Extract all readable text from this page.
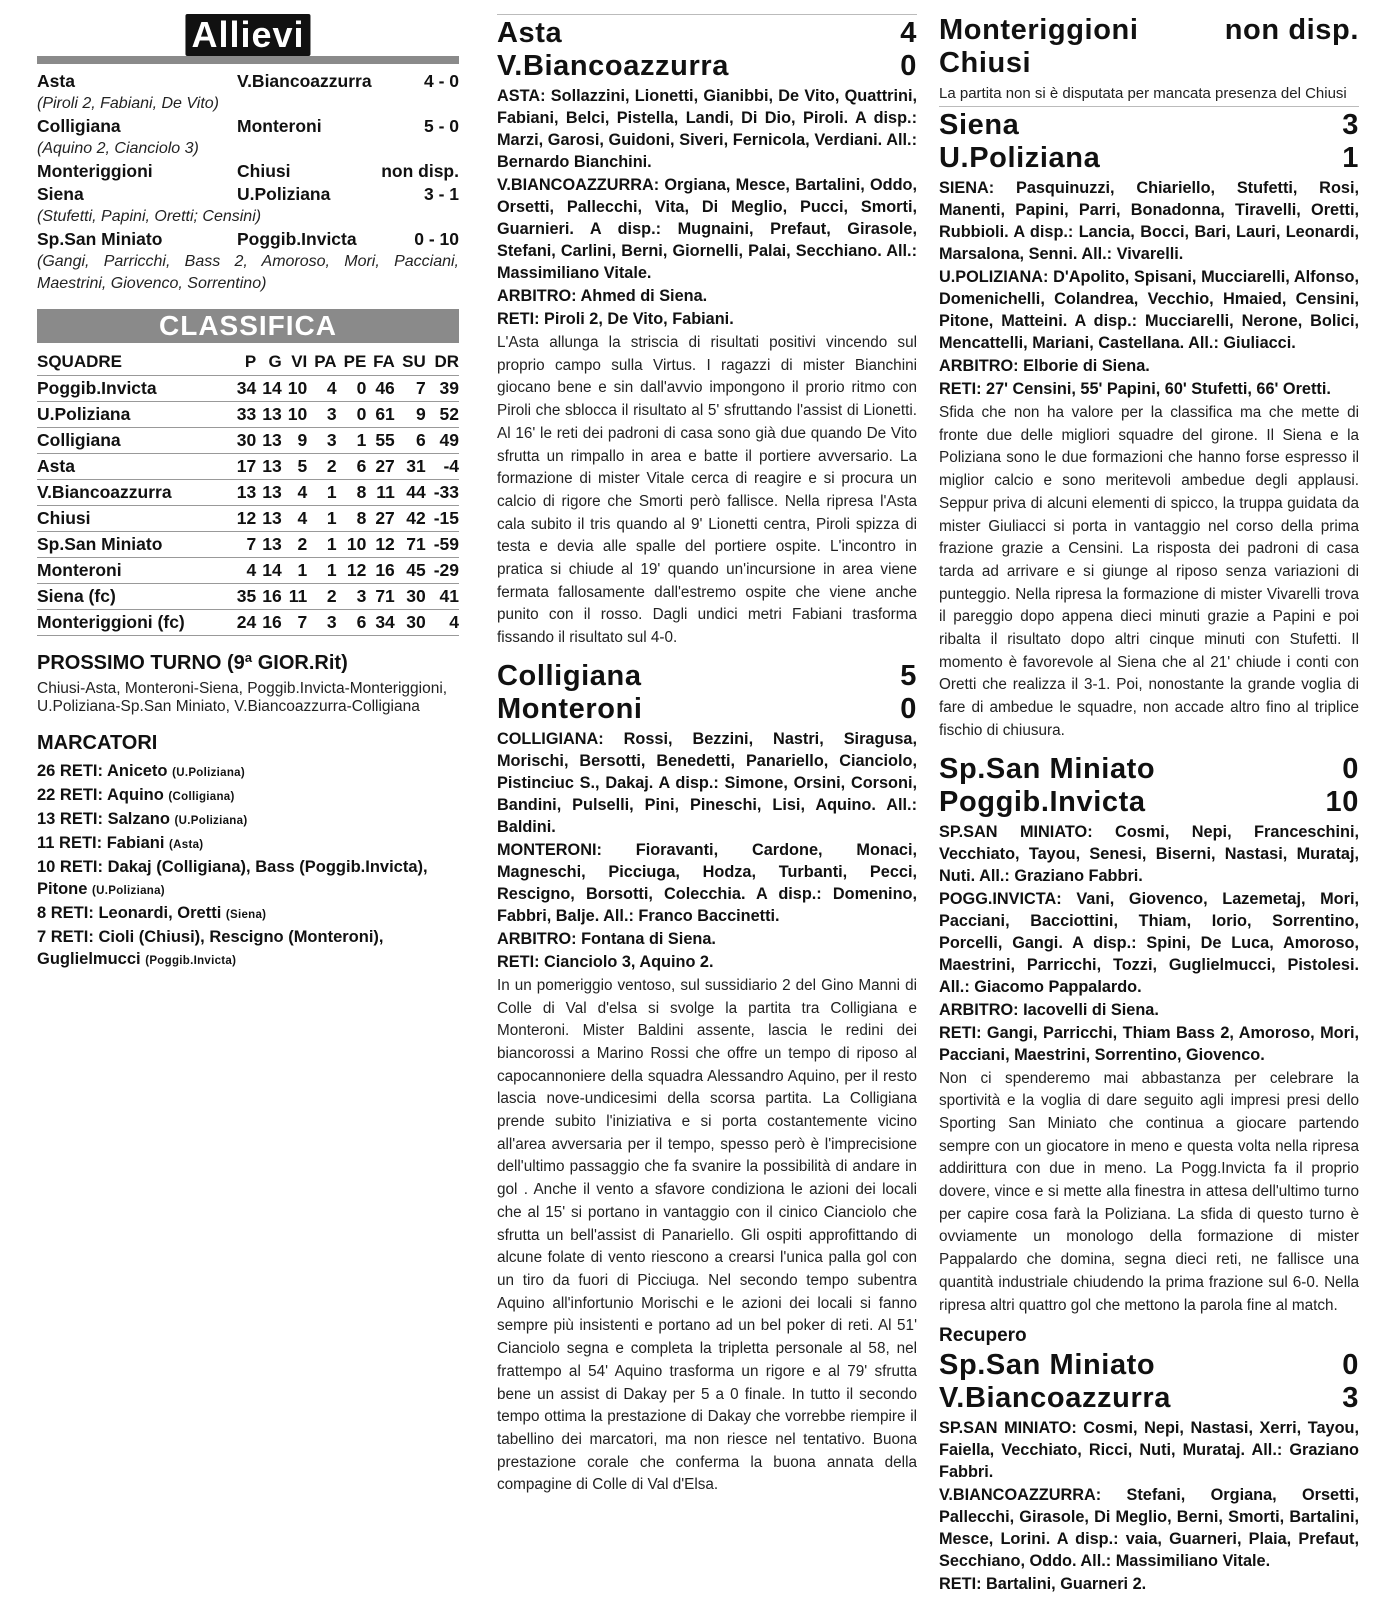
Allievi
Asta	V.Biancoazzurra	4 - 0
(Piroli 2, Fabiani, De Vito)
Colligiana	Monteroni	5 - 0
(Aquino 2, Cianciolo 3)
Monteriggioni	Chiusi	non disp.
Siena	U.Poliziana	3 - 1
(Stufetti, Papini, Oretti; Censini)
Sp.San Miniato	Poggib.Invicta	0 - 10
(Gangi, Parricchi, Bass 2, Amoroso, Mori, Pacciani, Maestrini, Giovenco, Sorrentino)
CLASSIFICA
SQUADRE	P	G	VI	PA	PE	FA	SU	DR
Poggib.Invicta	34	14	10	4	0	46	7	39
U.Poliziana	33	13	10	3	0	61	9	52
Colligiana	30	13	9	3	1	55	6	49
Asta	17	13	5	2	6	27	31	-4
V.Biancoazzurra	13	13	4	1	8	11	44	-33
Chiusi	12	13	4	1	8	27	42	-15
Sp.San Miniato	7	13	2	1	10	12	71	-59
Monteroni	4	14	1	1	12	16	45	-29
Siena (fc)	35	16	11	2	3	71	30	41
Monteriggioni (fc)	24	16	7	3	6	34	30	4
PROSSIMO TURNO (9ª GIOR.Rit)
Chiusi-Asta, Monteroni-Siena, Poggib.Invicta-Monteriggioni, U.Poliziana-Sp.San Miniato, V.Biancoazzurra-Colligiana
MARCATORI
26 RETI: Aniceto (U.Poliziana)
22 RETI: Aquino (Colligiana)
13 RETI: Salzano (U.Poliziana)
11 RETI: Fabiani (Asta)
10 RETI: Dakaj (Colligiana), Bass (Poggib.Invicta), Pitone (U.Poliziana)
8 RETI: Leonardi, Oretti (Siena)
7 RETI: Cioli (Chiusi), Rescigno (Monteroni), Guglielmucci (Poggib.Invicta)
Asta	4
V.Biancoazzurra	0

ASTA: Sollazzini, Lionetti, Gianibbi, De Vito, Quattrini, Fabiani, Belci, Pistella, Landi, Di Dio, Piroli. A disp.: Marzi, Garosi, Guidoni, Siveri, Fernicola, Verdiani. All.: Bernardo Bianchini.

V.BIANCOAZZURRA: Orgiana, Mesce, Bartalini, Oddo, Orsetti, Pallecchi, Vita, Di Meglio, Pucci, Smorti, Guarnieri. A disp.: Mugnaini, Prefaut, Girasole, Stefani, Carlini, Berni, Giornelli, Palai, Secchiano. All.: Massimiliano Vitale.

ARBITRO: Ahmed di Siena.

RETI: Piroli 2, De Vito, Fabiani.

L'Asta allunga la striscia di risultati positivi vincendo sul proprio campo sulla Virtus. I ragazzi di mister Bianchini giocano bene e sin dall'avvio impongono il prorio ritmo con Piroli che sblocca il risultato al 5' sfruttando l'assist di Lionetti. Al 16' le reti dei padroni di casa sono già due quando De Vito sfrutta un rimpallo in area e batte il portiere avversario. La formazione di mister Vitale cerca di reagire e si procura un calcio di rigore che Smorti però fallisce. Nella ripresa l'Asta cala subito il tris quando al 9' Lionetti centra, Piroli spizza di testa e devia alle spalle del portiere ospite. L'incontro in pratica si chiude al 19' quando un'incursione in area viene fermata fallosamente dall'estremo ospite che viene anche punito con il rosso. Dagli undici metri Fabiani trasforma fissando il risultato sul 4-0.
Colligiana	5
Monteroni	0

COLLIGIANA: Rossi, Bezzini, Nastri, Siragusa, Morischi, Bersotti, Benedetti, Panariello, Cianciolo, Pistinciuc S., Dakaj. A disp.: Simone, Orsini, Corsoni, Bandini, Pulselli, Pini, Pineschi, Lisi, Aquino. All.: Baldini.

MONTERONI: Fioravanti, Cardone, Monaci, Magneschi, Picciuga, Hodza, Turbanti, Pecci, Rescigno, Borsotti, Colecchia. A disp.: Domenino, Fabbri, Balje. All.: Franco Baccinetti.

ARBITRO: Fontana di Siena.

RETI: Cianciolo 3, Aquino 2.

In un pomeriggio ventoso, sul sussidiario 2 del Gino Manni di Colle di Val d'elsa si svolge la partita tra Colligiana e Monteroni. Mister Baldini assente, lascia le redini dei biancorossi a Marino Rossi che offre un tempo di riposo al capocannoniere della squadra Alessandro Aquino, per il resto lascia nove-undicesimi della scorsa partita. La Colligiana prende subito l'iniziativa e si porta costantemente vicino all'area avversaria per il tempo, spesso però è l'imprecisione dell'ultimo passaggio che fa svanire la possibilità di andare in gol . Anche il vento a sfavore condiziona le azioni dei locali che al 15' si portano in vantaggio con il cinico Cianciolo che sfrutta un bell'assist di Panariello. Gli ospiti approfittando di alcune folate di vento riescono a crearsi l'unica palla gol con un tiro da fuori di Picciuga. Nel secondo tempo subentra Aquino all'infortunio Morischi e le azioni dei locali si fanno sempre più insistenti e portano ad un bel poker di reti. Al 51' Cianciolo segna e completa la tripletta personale al 58, nel frattempo al 54' Aquino trasforma un rigore e al 79' sfrutta bene un assist di Dakay per 5 a 0 finale. In tutto il secondo tempo ottima la prestazione di Dakay che vorrebbe riempire il tabellino dei marcatori, ma non riesce nel tentativo. Buona prestazione corale che conferma la buona annata della compagine di Colle di Val d'Elsa.
Monteriggioni	non disp.
Chiusi
La partita non si è disputata per mancata presenza del Chiusi
Siena	3
U.Poliziana	1

SIENA: Pasquinuzzi, Chiariello, Stufetti, Rosi, Manenti, Papini, Parri, Bonadonna, Tiravelli, Oretti, Rubbioli. A disp.: Lancia, Bocci, Bari, Lauri, Leonardi, Marsalona, Senni. All.: Vivarelli.

U.POLIZIANA: D'Apolito, Spisani, Mucciarelli, Alfonso, Domenichelli, Colandrea, Vecchio, Hmaied, Censini, Pitone, Matteini. A disp.: Mucciarelli, Nerone, Bolici, Mencattelli, Mariani, Castellana. All.: Giuliacci.

ARBITRO: Elborie di Siena.

RETI: 27' Censini, 55' Papini, 60' Stufetti, 66' Oretti.

Sfida che non ha valore per la classifica ma che mette di fronte due delle migliori squadre del girone. Il Siena e la Poliziana sono le due formazioni che hanno forse espresso il miglior calcio e sono meritevoli ambedue degli applausi. Seppur priva di alcuni elementi di spicco, la truppa guidata da mister Giuliacci si porta in vantaggio nel corso della prima frazione grazie a Censini. La risposta dei padroni di casa tarda ad arrivare e si giunge al riposo senza variazioni di punteggio. Nella ripresa la formazione di mister Vivarelli trova il pareggio dopo appena dieci minuti grazie a Papini e poi ribalta il risultato dopo altri cinque minuti con Stufetti. Il momento è favorevole al Siena che al 21' chiude i conti con Oretti che realizza il 3-1. Poi, nonostante la grande voglia di fare di ambedue le squadre, non accade altro fino al triplice fischio di chiusura.
Sp.San Miniato	0
Poggib.Invicta	10

SP.SAN MINIATO: Cosmi, Nepi, Franceschini, Vecchiato, Tayou, Senesi, Biserni, Nastasi, Murataj, Nuti. All.: Graziano Fabbri.

POGG.INVICTA: Vani, Giovenco, Lazemetaj, Mori, Pacciani, Bacciottini, Thiam, Iorio, Sorrentino, Porcelli, Gangi. A disp.: Spini, De Luca, Amoroso, Maestrini, Parricchi, Tozzi, Guglielmucci, Pistolesi. All.: Giacomo Pappalardo.

ARBITRO: Iacovelli di Siena.

RETI: Gangi, Parricchi, Thiam Bass 2, Amoroso, Mori, Pacciani, Maestrini, Sorrentino, Giovenco.

Non ci spenderemo mai abbastanza per celebrare la sportività e la voglia di dare seguito agli impresi presi dello Sporting San Miniato che continua a giocare partendo sempre con un giocatore in meno e questa volta nella ripresa addirittura con due in meno. La Pogg.Invicta fa il proprio dovere, vince e si mette alla finestra in attesa dell'ultimo turno per capire cosa farà la Poliziana. La sfida di questo turno è ovviamente un monologo della formazione di mister Pappalardo che domina, segna dieci reti, ne fallisce una quantità industriale chiudendo la prima frazione sul 6-0. Nella ripresa altri quattro gol che mettono la parola fine al match.
Recupero
Sp.San Miniato	0
V.Biancoazzurra	3

SP.SAN MINIATO: Cosmi, Nepi, Nastasi, Xerri, Tayou, Faiella, Vecchiato, Ricci, Nuti, Murataj. All.: Graziano Fabbri.

V.BIANCOAZZURRA: Stefani, Orgiana, Orsetti, Pallecchi, Girasole, Di Meglio, Berni, Smorti, Bartalini, Mesce, Lorini. A disp.: vaia, Guarneri, Plaia, Prefaut, Secchiano, Oddo. All.: Massimiliano Vitale.

RETI: Bartalini, Guarneri 2.
